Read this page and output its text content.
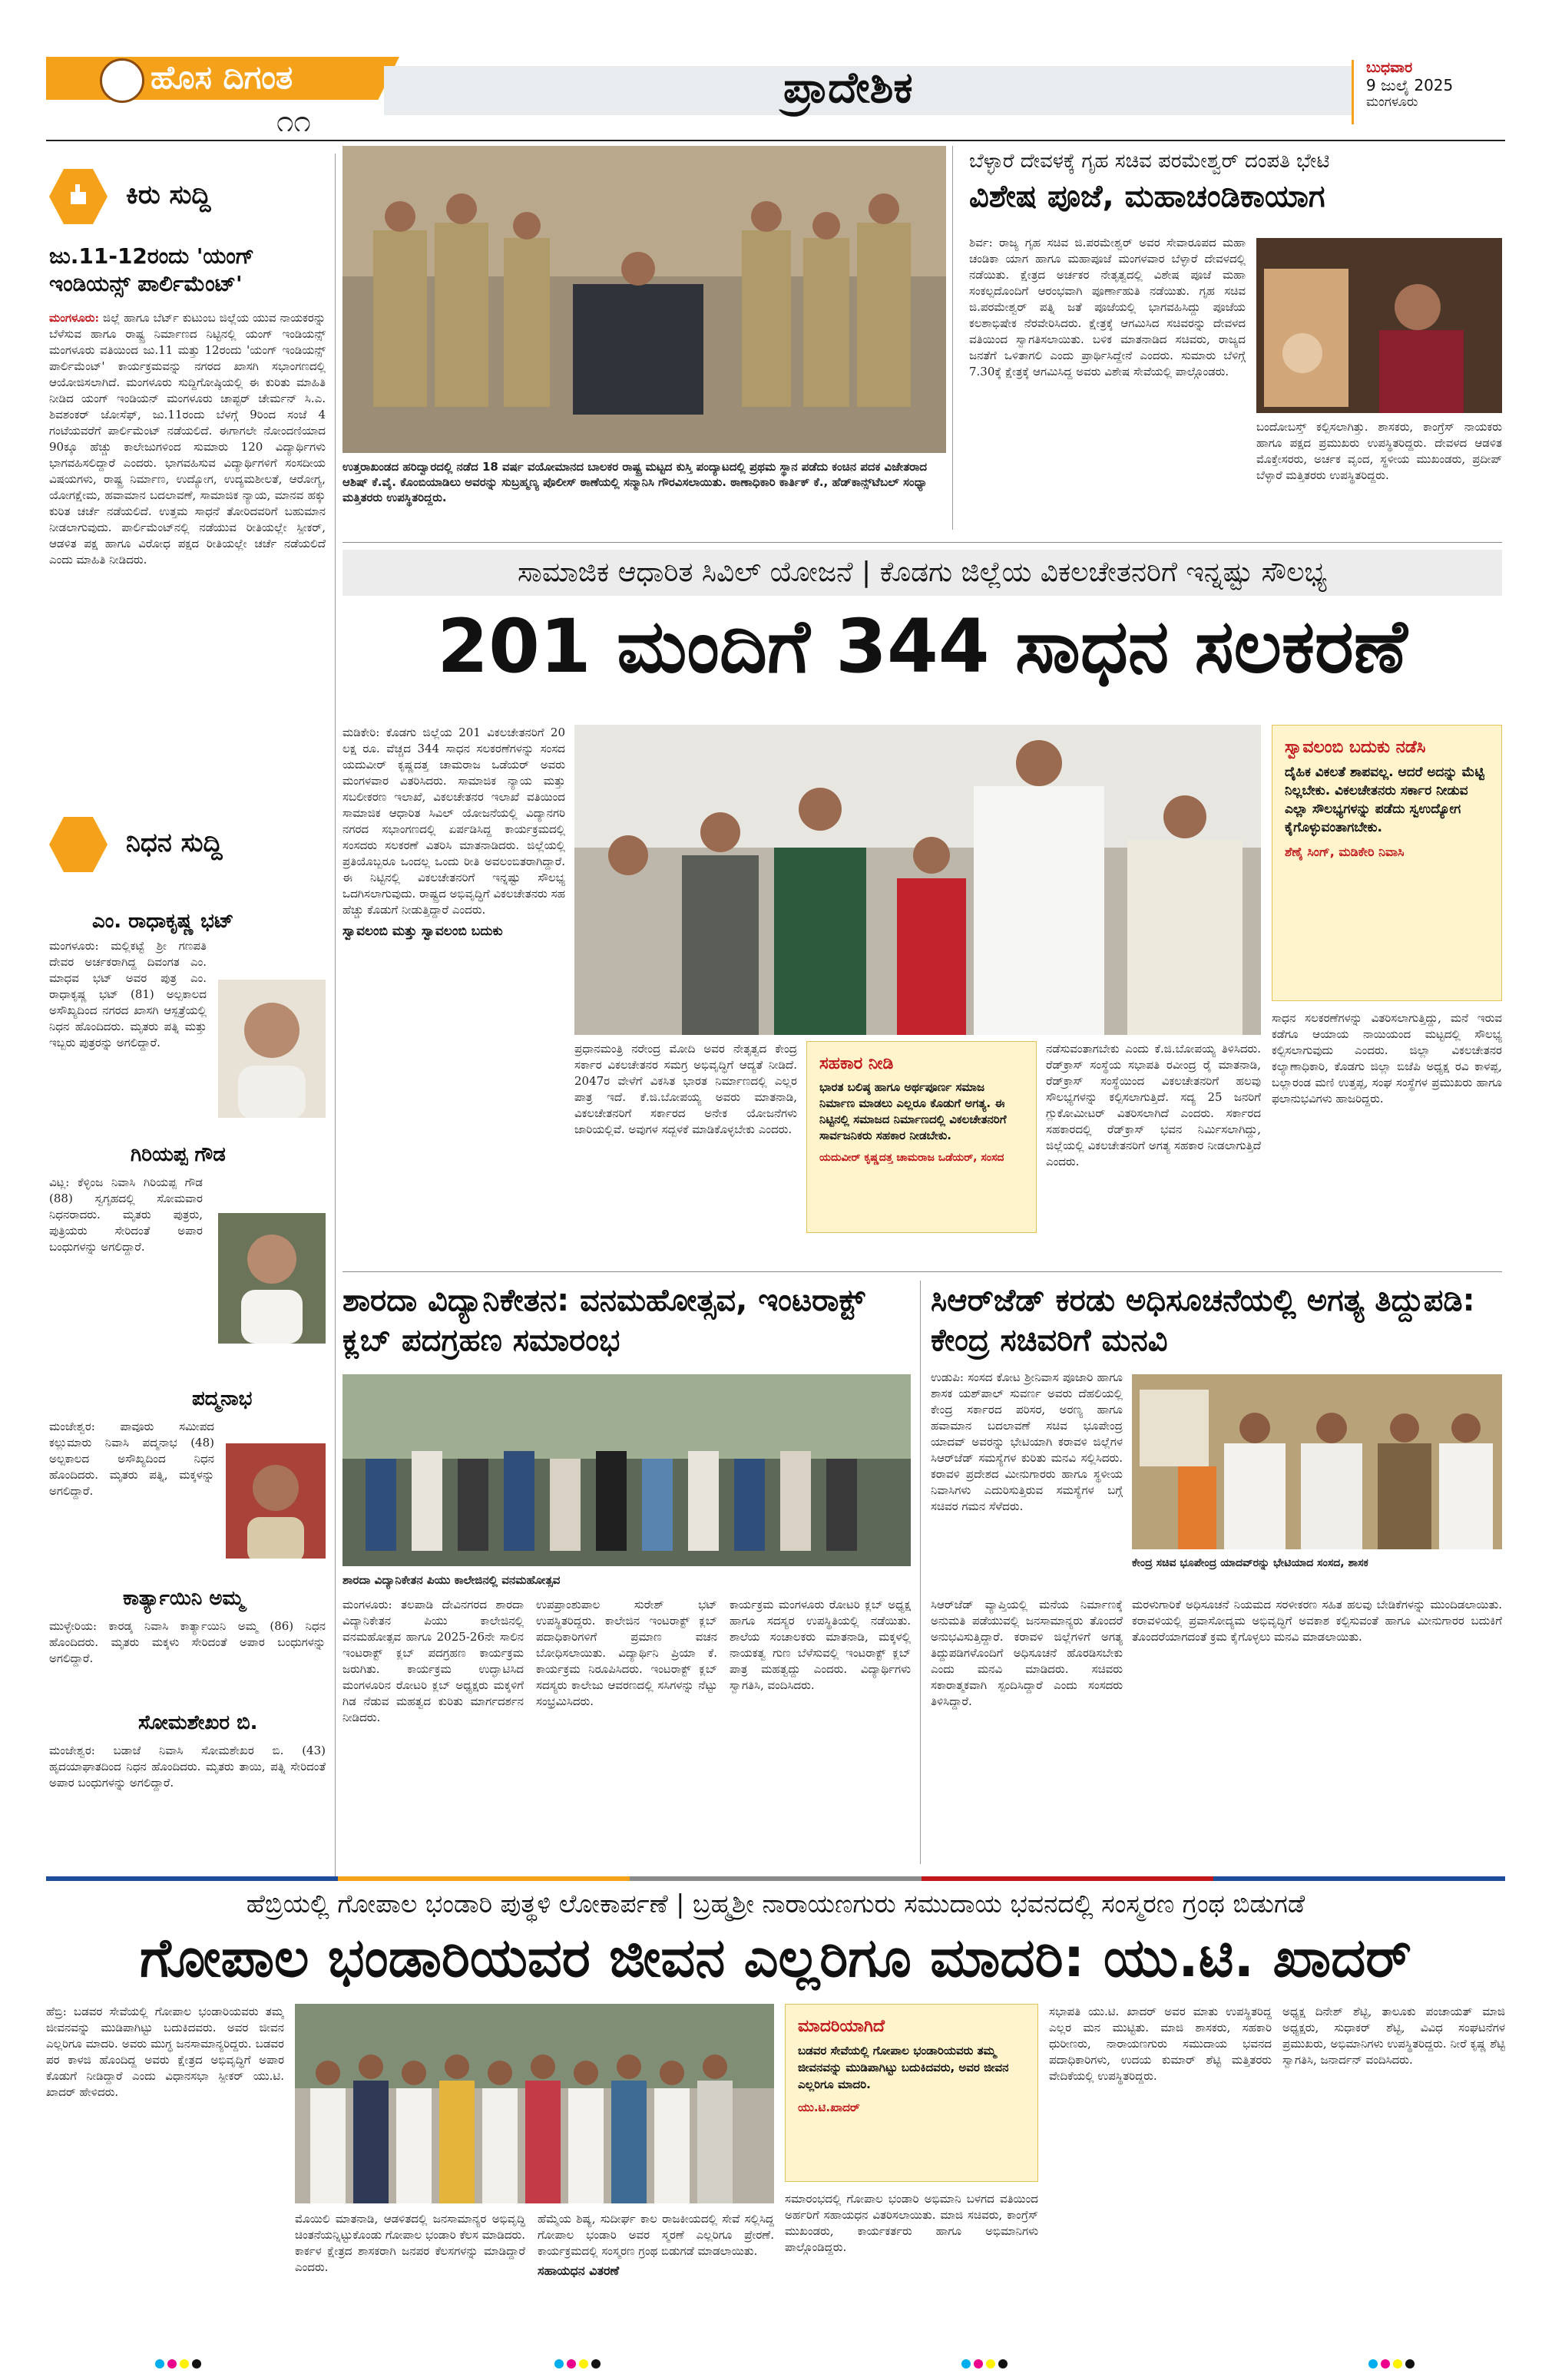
ಹೊಸ ದಿಗಂತ
೧೧
ಪ್ರಾದೇಶಿಕ	ಬುಧವಾರ
9 ಜುಲೈ 2025
ಮಂಗಳೂರು
ಕಿರು ಸುದ್ದಿ
ಜು.11-12ರಂದು 'ಯಂಗ್ ಇಂಡಿಯನ್ಸ್ ಪಾರ್ಲಿಮೆಂಟ್'
ಮಂಗಳೂರು: ಜಿಲ್ಲೆ ಹಾಗೂ ಬೆರ್ಟ್ ಕುಟುಂಬ ಜಿಲ್ಲೆಯ ಯುವ ನಾಯಕರನ್ನು ಬೆಳೆಸುವ ಹಾಗೂ ರಾಷ್ಟ್ರ ನಿರ್ಮಾಣದ ನಿಟ್ಟಿನಲ್ಲಿ ಯಂಗ್ ಇಂಡಿಯನ್ಸ್ ಮಂಗಳೂರು ವತಿಯಿಂದ ಜು.11 ಮತ್ತು 12ರಂದು 'ಯಂಗ್ ಇಂಡಿಯನ್ಸ್ ಪಾರ್ಲಿಮೆಂಟ್' ಕಾರ್ಯಕ್ರಮವನ್ನು ನಗರದ ಖಾಸಗಿ ಸಭಾಂಗಣದಲ್ಲಿ ಆಯೋಜಿಸಲಾಗಿದೆ. ಮಂಗಳೂರು ಸುದ್ದಿಗೋಷ್ಠಿಯಲ್ಲಿ ಈ ಕುರಿತು ಮಾಹಿತಿ ನೀಡಿದ ಯಂಗ್ ಇಂಡಿಯನ್ ಮಂಗಳೂರು ಚಾಪ್ಟರ್ ಚೇರ್ಮನ್ ಸಿ.ಎ. ಶಿವಶಂಕರ್ ಜೋಸೆಫ್, ಜು.11ರಂದು ಬೆಳಗ್ಗೆ 9ರಿಂದ ಸಂಜೆ 4 ಗಂಟೆಯವರೆಗೆ ಪಾರ್ಲಿಮೆಂಟ್ ನಡೆಯಲಿದೆ. ಈಗಾಗಲೇ ನೋಂದಣಿಯಾದ 90ಕ್ಕೂ ಹೆಚ್ಚು ಕಾಲೇಜುಗಳಿಂದ ಸುಮಾರು 120 ವಿದ್ಯಾರ್ಥಿಗಳು ಭಾಗವಹಿಸಲಿದ್ದಾರೆ ಎಂದರು. ಭಾಗವಹಿಸುವ ವಿದ್ಯಾರ್ಥಿಗಳಿಗೆ ಸಂಸದೀಯ ವಿಷಯಗಳು, ರಾಷ್ಟ್ರ ನಿರ್ಮಾಣ, ಉದ್ಯೋಗ, ಉದ್ಯಮಶೀಲತೆ, ಆರೋಗ್ಯ, ಯೋಗಕ್ಷೇಮ, ಹವಾಮಾನ ಬದಲಾವಣೆ, ಸಾಮಾಜಿಕ ನ್ಯಾಯ, ಮಾನವ ಹಕ್ಕು ಕುರಿತ ಚರ್ಚೆ ನಡೆಯಲಿದೆ. ಉತ್ತಮ ಸಾಧನೆ ತೋರಿದವರಿಗೆ ಬಹುಮಾನ ನೀಡಲಾಗುವುದು. ಪಾರ್ಲಿಮೆಂಟ್‌ನಲ್ಲಿ ನಡೆಯುವ ರೀತಿಯಲ್ಲೇ ಸ್ಪೀಕರ್, ಆಡಳಿತ ಪಕ್ಷ ಹಾಗೂ ವಿರೋಧ ಪಕ್ಷದ ರೀತಿಯಲ್ಲೇ ಚರ್ಚೆ ನಡೆಯಲಿದೆ ಎಂದು ಮಾಹಿತಿ ನೀಡಿದರು.
ನಿಧನ ಸುದ್ದಿ
ಎಂ. ರಾಧಾಕೃಷ್ಣ ಭಟ್
ಮಂಗಳೂರು: ಮಲ್ಲಿಕಟ್ಟೆ ಶ್ರೀ ಗಣಪತಿ ದೇವರ ಅರ್ಚಕರಾಗಿದ್ದ ದಿವಂಗತ ಎಂ. ಮಾಧವ ಭಟ್ ಅವರ ಪುತ್ರ ಎಂ. ರಾಧಾಕೃಷ್ಣ ಭಟ್ (81) ಅಲ್ಪಕಾಲದ ಅಸೌಖ್ಯದಿಂದ ನಗರದ ಖಾಸಗಿ ಆಸ್ಪತ್ರೆಯಲ್ಲಿ ನಿಧನ ಹೊಂದಿದರು. ಮೃತರು ಪತ್ನಿ ಮತ್ತು ಇಬ್ಬರು ಪುತ್ರರನ್ನು ಅಗಲಿದ್ದಾರೆ.
ಗಿರಿಯಪ್ಪ ಗೌಡ
ವಿಟ್ಲ: ಕೆಳ್ಳಿಂಜ ನಿವಾಸಿ ಗಿರಿಯಪ್ಪ ಗೌಡ (88) ಸ್ವಗೃಹದಲ್ಲಿ ಸೋಮವಾರ ನಿಧನರಾದರು. ಮೃತರು ಪುತ್ರರು, ಪುತ್ರಿಯರು ಸೇರಿದಂತೆ ಅಪಾರ ಬಂಧುಗಳನ್ನು ಅಗಲಿದ್ದಾರೆ.
ಪದ್ಮನಾಭ
ಮಂಜೇಶ್ವರ: ಪಾವೂರು ಸಮೀಪದ ಕಲ್ಲುಮಾರು ನಿವಾಸಿ ಪದ್ಮನಾಭ (48) ಅಲ್ಪಕಾಲದ ಅಸೌಖ್ಯದಿಂದ ನಿಧನ ಹೊಂದಿದರು. ಮೃತರು ಪತ್ನಿ, ಮಕ್ಕಳನ್ನು ಅಗಲಿದ್ದಾರೆ.
ಕಾರ್ತ್ಯಾಯಿನಿ ಅಮ್ಮ
ಮುಳ್ಳೇರಿಯ: ಕಾರಡ್ಕ ನಿವಾಸಿ ಕಾರ್ತ್ಯಾಯಿನಿ ಅಮ್ಮ (86) ನಿಧನ ಹೊಂದಿದರು. ಮೃತರು ಮಕ್ಕಳು ಸೇರಿದಂತೆ ಅಪಾರ ಬಂಧುಗಳನ್ನು ಅಗಲಿದ್ದಾರೆ.
ಸೋಮಶೇಖರ ಬಿ.
ಮಂಜೇಶ್ವರ: ಬಡಾಜೆ ನಿವಾಸಿ ಸೋಮಶೇಖರ ಬಿ. (43) ಹೃದಯಾಘಾತದಿಂದ ನಿಧನ ಹೊಂದಿದರು. ಮೃತರು ತಾಯಿ, ಪತ್ನಿ ಸೇರಿದಂತೆ ಅಪಾರ ಬಂಧುಗಳನ್ನು ಅಗಲಿದ್ದಾರೆ.
ಉತ್ತರಾಖಂಡದ ಹರಿದ್ವಾರದಲ್ಲಿ ನಡೆದ 18 ವರ್ಷ ವಯೋಮಾನದ ಬಾಲಕರ ರಾಷ್ಟ್ರ ಮಟ್ಟದ ಕುಸ್ತಿ ಪಂದ್ಯಾಟದಲ್ಲಿ ಪ್ರಥಮ ಸ್ಥಾನ ಪಡೆದು ಕಂಚಿನ ಪದಕ ವಿಜೇತರಾದ ಆಶಿಷ್ ಕೆ.ವೈ. ಕೊಂಬಿಯಾಡಿಲು ಅವರನ್ನು ಸುಬ್ರಹ್ಮಣ್ಯ ಪೊಲೀಸ್ ಠಾಣೆಯಲ್ಲಿ ಸನ್ಮಾನಿಸಿ ಗೌರವಿಸಲಾಯಿತು. ಠಾಣಾಧಿಕಾರಿ ಕಾರ್ತಿಕ್ ಕೆ., ಹೆಡ್‌ಕಾನ್ಸ್‌ಟೆಬಲ್ ಸಂಧ್ಯಾ ಮತ್ತಿತರರು ಉಪಸ್ಥಿತರಿದ್ದರು.
ಬೆಳ್ಳಾರೆ ದೇವಳಕ್ಕೆ ಗೃಹ ಸಚಿವ ಪರಮೇಶ್ವರ್ ದಂಪತಿ ಭೇಟಿ
ವಿಶೇಷ ಪೂಜೆ, ಮಹಾಚಂಡಿಕಾಯಾಗ
ಶಿರ್ವ: ರಾಜ್ಯ ಗೃಹ ಸಚಿವ ಜಿ.ಪರಮೇಶ್ವರ್ ಅವರ ಸೇವಾರೂಪದ ಮಹಾ ಚಂಡಿಕಾ ಯಾಗ ಹಾಗೂ ಮಹಾಪೂಜೆ ಮಂಗಳವಾರ ಬೆಳ್ಳಾರೆ ದೇವಳದಲ್ಲಿ ನಡೆಯಿತು. ಕ್ಷೇತ್ರದ ಅರ್ಚಕರ ನೇತೃತ್ವದಲ್ಲಿ ವಿಶೇಷ ಪೂಜೆ ಮಹಾ ಸಂಕಲ್ಪದೊಂದಿಗೆ ಆರಂಭವಾಗಿ ಪೂರ್ಣಾಹುತಿ ನಡೆಯಿತು. ಗೃಹ ಸಚಿವ ಜಿ.ಪರಮೇಶ್ವರ್ ಪತ್ನಿ ಜತೆ ಪೂಜೆಯಲ್ಲಿ ಭಾಗವಹಿಸಿದ್ದು ಪೂಜೆಯ ಕಲಶಾಭಿಷೇಕ ನೆರವೇರಿಸಿದರು. ಕ್ಷೇತ್ರಕ್ಕೆ ಆಗಮಿಸಿದ ಸಚಿವರನ್ನು ದೇವಳದ ವತಿಯಿಂದ ಸ್ವಾಗತಿಸಲಾಯಿತು. ಬಳಿಕ ಮಾತನಾಡಿದ ಸಚಿವರು, ರಾಜ್ಯದ ಜನತೆಗೆ ಒಳಿತಾಗಲಿ ಎಂದು ಪ್ರಾರ್ಥಿಸಿದ್ದೇನೆ ಎಂದರು. ಸುಮಾರು ಬೆಳಿಗ್ಗೆ 7.30ಕ್ಕೆ ಕ್ಷೇತ್ರಕ್ಕೆ ಆಗಮಿಸಿದ್ದ ಅವರು ವಿಶೇಷ ಸೇವೆಯಲ್ಲಿ ಪಾಲ್ಗೊಂಡರು.
ಬಂದೋಬಸ್ತ್ ಕಲ್ಪಿಸಲಾಗಿತ್ತು. ಶಾಸಕರು, ಕಾಂಗ್ರೆಸ್ ನಾಯಕರು ಹಾಗೂ ಪಕ್ಷದ ಪ್ರಮುಖರು ಉಪಸ್ಥಿತರಿದ್ದರು. ದೇವಳದ ಆಡಳಿತ ಮೊಕ್ತೇಸರರು, ಅರ್ಚಕ ವೃಂದ, ಸ್ಥಳೀಯ ಮುಖಂಡರು, ಪ್ರದೀಪ್ ಬೆಳ್ಳಾರೆ ಮತ್ತಿತರರು ಉಪಸ್ಥಿತರಿದ್ದರು.
ಸಾಮಾಜಿಕ ಆಧಾರಿತ ಸಿವಿಲ್ ಯೋಜನೆ | ಕೊಡಗು ಜಿಲ್ಲೆಯ ವಿಕಲಚೇತನರಿಗೆ ಇನ್ನಷ್ಟು ಸೌಲಭ್ಯ
201 ಮಂದಿಗೆ 344 ಸಾಧನ ಸಲಕರಣೆ
ಮಡಿಕೇರಿ: ಕೊಡಗು ಜಿಲ್ಲೆಯ 201 ವಿಕಲಚೇತನರಿಗೆ 20 ಲಕ್ಷ ರೂ. ವೆಚ್ಚದ 344 ಸಾಧನ ಸಲಕರಣೆಗಳನ್ನು ಸಂಸದ ಯದುವೀರ್ ಕೃಷ್ಣದತ್ತ ಚಾಮರಾಜ ಒಡೆಯರ್ ಅವರು ಮಂಗಳವಾರ ವಿತರಿಸಿದರು. ಸಾಮಾಜಿಕ ನ್ಯಾಯ ಮತ್ತು ಸಬಲೀಕರಣ ಇಲಾಖೆ, ವಿಕಲಚೇತನರ ಇಲಾಖೆ ವತಿಯಿಂದ ಸಾಮಾಜಿಕ ಆಧಾರಿತ ಸಿವಿಲ್ ಯೋಜನೆಯಲ್ಲಿ ವಿದ್ಯಾನಗರಿ ನಗರದ ಸಭಾಂಗಣದಲ್ಲಿ ಏರ್ಪಡಿಸಿದ್ದ ಕಾರ್ಯಕ್ರಮದಲ್ಲಿ ಸಂಸದರು ಸಲಕರಣೆ ವಿತರಿಸಿ ಮಾತನಾಡಿದರು. ಜಿಲ್ಲೆಯಲ್ಲಿ ಪ್ರತಿಯೊಬ್ಬರೂ ಒಂದಲ್ಲ ಒಂದು ರೀತಿ ಅವಲಂಬಿತರಾಗಿದ್ದಾರೆ. ಈ ನಿಟ್ಟಿನಲ್ಲಿ ವಿಕಲಚೇತನರಿಗೆ ಇನ್ನಷ್ಟು ಸೌಲಭ್ಯ ಒದಗಿಸಲಾಗುವುದು. ರಾಷ್ಟ್ರದ ಅಭಿವೃದ್ಧಿಗೆ ವಿಕಲಚೇತನರು ಸಹ ಹೆಚ್ಚು ಕೊಡುಗೆ ನೀಡುತ್ತಿದ್ದಾರೆ ಎಂದರು.
ಸ್ವಾವಲಂಬಿ ಮತ್ತು ಸ್ವಾವಲಂಬಿ ಬದುಕು
ಸ್ವಾವಲಂಬಿ ಬದುಕು ನಡೆಸಿ
ದೈಹಿಕ ವಿಕಲತೆ ಶಾಪವಲ್ಲ. ಆದರೆ ಅದನ್ನು ಮೆಟ್ಟಿ ನಿಲ್ಲಬೇಕು. ವಿಕಲಚೇತನರು ಸರ್ಕಾರ ನೀಡುವ ಎಲ್ಲಾ ಸೌಲಭ್ಯಗಳನ್ನು ಪಡೆದು ಸ್ವಉದ್ಯೋಗ ಕೈಗೊಳ್ಳುವಂತಾಗಬೇಕು.
ಶೆಣೈ ಸಿಂಗ್, ಮಡಿಕೇರಿ ನಿವಾಸಿ
ಪ್ರಧಾನಮಂತ್ರಿ ನರೇಂದ್ರ ಮೋದಿ ಅವರ ನೇತೃತ್ವದ ಕೇಂದ್ರ ಸರ್ಕಾರ ವಿಕಲಚೇತನರ ಸಮಗ್ರ ಅಭಿವೃದ್ಧಿಗೆ ಆದ್ಯತೆ ನೀಡಿದೆ. 2047ರ ವೇಳೆಗೆ ವಿಕಸಿತ ಭಾರತ ನಿರ್ಮಾಣದಲ್ಲಿ ಎಲ್ಲರ ಪಾತ್ರ ಇದೆ. ಕೆ.ಜಿ.ಬೋಪಯ್ಯ ಅವರು ಮಾತನಾಡಿ, ವಿಕಲಚೇತನರಿಗೆ ಸರ್ಕಾರದ ಅನೇಕ ಯೋಜನೆಗಳು ಜಾರಿಯಲ್ಲಿವೆ. ಅವುಗಳ ಸದ್ಬಳಕೆ ಮಾಡಿಕೊಳ್ಳಬೇಕು ಎಂದರು.
ಸಹಕಾರ ನೀಡಿ
ಭಾರತ ಬಲಿಷ್ಠ ಹಾಗೂ ಅರ್ಥಪೂರ್ಣ ಸಮಾಜ ನಿರ್ಮಾಣ ಮಾಡಲು ಎಲ್ಲರೂ ಕೊಡುಗೆ ಅಗತ್ಯ. ಈ ನಿಟ್ಟಿನಲ್ಲಿ ಸಮಾಜದ ನಿರ್ಮಾಣದಲ್ಲಿ ವಿಕಲಚೇತನರಿಗೆ ಸಾರ್ವಜನಿಕರು ಸಹಕಾರ ನೀಡಬೇಕು.
ಯದುವೀರ್ ಕೃಷ್ಣದತ್ತ ಚಾಮರಾಜ ಒಡೆಯರ್, ಸಂಸದ
ನಡೆಸುವಂತಾಗಬೇಕು ಎಂದು ಕೆ.ಜಿ.ಬೋಪಯ್ಯ ತಿಳಿಸಿದರು. ರೆಡ್‌ಕ್ರಾಸ್ ಸಂಸ್ಥೆಯ ಸಭಾಪತಿ ರವೀಂದ್ರ ರೈ ಮಾತನಾಡಿ, ರೆಡ್‌ಕ್ರಾಸ್ ಸಂಸ್ಥೆಯಿಂದ ವಿಕಲಚೇತನರಿಗೆ ಹಲವು ಸೌಲಭ್ಯಗಳನ್ನು ಕಲ್ಪಿಸಲಾಗುತ್ತಿದೆ. ಸದ್ಯ 25 ಜನರಿಗೆ ಗ್ಲುಕೋಮೀಟರ್ ವಿತರಿಸಲಾಗಿದೆ ಎಂದರು. ಸರ್ಕಾರದ ಸಹಕಾರದಲ್ಲಿ ರೆಡ್‌ಕ್ರಾಸ್ ಭವನ ನಿರ್ಮಿಸಲಾಗಿದ್ದು, ಜಿಲ್ಲೆಯಲ್ಲಿ ವಿಕಲಚೇತನರಿಗೆ ಅಗತ್ಯ ಸಹಕಾರ ನೀಡಲಾಗುತ್ತಿದೆ ಎಂದರು.
ಸಾಧನ ಸಲಕರಣೆಗಳನ್ನು ವಿತರಿಸಲಾಗುತ್ತಿದ್ದು, ಮನೆ ಇರುವ ಕಡೆಗೂ ಆಯಾಯ ನಾಯಿಯಂದ ಮಟ್ಟದಲ್ಲಿ ಸೌಲಭ್ಯ ಕಲ್ಪಿಸಲಾಗುವುದು ಎಂದರು. ಜಿಲ್ಲಾ ವಿಕಲಚೇತನರ ಕಲ್ಯಾಣಾಧಿಕಾರಿ, ಕೊಡಗು ಜಿಲ್ಲಾ ಬಿಜೆಪಿ ಅಧ್ಯಕ್ಷ ರವಿ ಕಾಳಪ್ಪ, ಬಲ್ಲಾರಂಡ ಮಣಿ ಉತ್ತಪ್ಪ, ಸಂಘ ಸಂಸ್ಥೆಗಳ ಪ್ರಮುಖರು ಹಾಗೂ ಫಲಾನುಭವಿಗಳು ಹಾಜರಿದ್ದರು.
ಶಾರದಾ ವಿದ್ಯಾನಿಕೇತನ: ವನಮಹೋತ್ಸವ, ಇಂಟರಾಕ್ಟ್ ಕ್ಲಬ್ ಪದಗ್ರಹಣ ಸಮಾರಂಭ
ಶಾರದಾ ವಿದ್ಯಾನಿಕೇತನ ಪಿಯು ಕಾಲೇಜಿನಲ್ಲಿ ವನಮಹೋತ್ಸವ
ಮಂಗಳೂರು: ತಲಪಾಡಿ ದೇವಿನಗರದ ಶಾರದಾ ವಿದ್ಯಾನಿಕೇತನ ಪಿಯು ಕಾಲೇಜಿನಲ್ಲಿ ವನಮಹೋತ್ಸವ ಹಾಗೂ 2025-26ನೇ ಸಾಲಿನ ಇಂಟರಾಕ್ಟ್ ಕ್ಲಬ್ ಪದಗ್ರಹಣ ಕಾರ್ಯಕ್ರಮ ಜರುಗಿತು. ಕಾರ್ಯಕ್ರಮ ಉದ್ಘಾಟಿಸಿದ ಮಂಗಳೂರಿನ ರೋಟರಿ ಕ್ಲಬ್ ಅಧ್ಯಕ್ಷರು ಮಕ್ಕಳಿಗೆ ಗಿಡ ನೆಡುವ ಮಹತ್ವದ ಕುರಿತು ಮಾರ್ಗದರ್ಶನ ನೀಡಿದರು.
ಉಪಪ್ರಾಂಶುಪಾಲ ಸುರೇಶ್ ಭಟ್ ಉಪಸ್ಥಿತರಿದ್ದರು. ಕಾಲೇಜಿನ ಇಂಟರಾಕ್ಟ್ ಕ್ಲಬ್ ಪದಾಧಿಕಾರಿಗಳಿಗೆ ಪ್ರಮಾಣ ವಚನ ಬೋಧಿಸಲಾಯಿತು. ವಿದ್ಯಾರ್ಥಿನಿ ಪ್ರಿಯಾ ಕೆ. ಕಾರ್ಯಕ್ರಮ ನಿರೂಪಿಸಿದರು. ಇಂಟರಾಕ್ಟ್ ಕ್ಲಬ್ ಸದಸ್ಯರು ಕಾಲೇಜು ಆವರಣದಲ್ಲಿ ಸಸಿಗಳನ್ನು ನೆಟ್ಟು ಸಂಭ್ರಮಿಸಿದರು.
ಕಾರ್ಯಕ್ರಮ ಮಂಗಳೂರು ರೋಟರಿ ಕ್ಲಬ್ ಅಧ್ಯಕ್ಷ ಹಾಗೂ ಸದಸ್ಯರ ಉಪಸ್ಥಿತಿಯಲ್ಲಿ ನಡೆಯಿತು. ಶಾಲೆಯ ಸಂಚಾಲಕರು ಮಾತನಾಡಿ, ಮಕ್ಕಳಲ್ಲಿ ನಾಯಕತ್ವ ಗುಣ ಬೆಳೆಸುವಲ್ಲಿ ಇಂಟರಾಕ್ಟ್ ಕ್ಲಬ್ ಪಾತ್ರ ಮಹತ್ವದ್ದು ಎಂದರು. ವಿದ್ಯಾರ್ಥಿಗಳು ಸ್ವಾಗತಿಸಿ, ವಂದಿಸಿದರು.
ಸಿಆರ್‌ಜೆಡ್ ಕರಡು ಅಧಿಸೂಚನೆಯಲ್ಲಿ ಅಗತ್ಯ ತಿದ್ದುಪಡಿ: ಕೇಂದ್ರ ಸಚಿವರಿಗೆ ಮನವಿ
ಉಡುಪಿ: ಸಂಸದ ಕೋಟ ಶ್ರೀನಿವಾಸ ಪೂಜಾರಿ ಹಾಗೂ ಶಾಸಕ ಯಶ್‌ಪಾಲ್ ಸುವರ್ಣ ಅವರು ದೆಹಲಿಯಲ್ಲಿ ಕೇಂದ್ರ ಸರ್ಕಾರದ ಪರಿಸರ, ಅರಣ್ಯ ಹಾಗೂ ಹವಾಮಾನ ಬದಲಾವಣೆ ಸಚಿವ ಭೂಪೇಂದ್ರ ಯಾದವ್ ಅವರನ್ನು ಭೇಟಿಯಾಗಿ ಕರಾವಳಿ ಜಿಲ್ಲೆಗಳ ಸಿಆರ್‌ಜೆಡ್ ಸಮಸ್ಯೆಗಳ ಕುರಿತು ಮನವಿ ಸಲ್ಲಿಸಿದರು. ಕರಾವಳಿ ಪ್ರದೇಶದ ಮೀನುಗಾರರು ಹಾಗೂ ಸ್ಥಳೀಯ ನಿವಾಸಿಗಳು ಎದುರಿಸುತ್ತಿರುವ ಸಮಸ್ಯೆಗಳ ಬಗ್ಗೆ ಸಚಿವರ ಗಮನ ಸೆಳೆದರು.
ಕೇಂದ್ರ ಸಚಿವ ಭೂಪೇಂದ್ರ ಯಾದವ್‌ರನ್ನು ಭೇಟಿಯಾದ ಸಂಸದ, ಶಾಸಕ
ಸಿಆರ್‌ಜೆಡ್ ವ್ಯಾಪ್ತಿಯಲ್ಲಿ ಮನೆಯ ನಿರ್ಮಾಣಕ್ಕೆ ಅನುಮತಿ ಪಡೆಯುವಲ್ಲಿ ಜನಸಾಮಾನ್ಯರು ತೊಂದರೆ ಅನುಭವಿಸುತ್ತಿದ್ದಾರೆ. ಕರಾವಳಿ ಜಿಲ್ಲೆಗಳಿಗೆ ಅಗತ್ಯ ತಿದ್ದುಪಡಿಗಳೊಂದಿಗೆ ಅಧಿಸೂಚನೆ ಹೊರಡಿಸಬೇಕು ಎಂದು ಮನವಿ ಮಾಡಿದರು. ಸಚಿವರು ಸಕಾರಾತ್ಮಕವಾಗಿ ಸ್ಪಂದಿಸಿದ್ದಾರೆ ಎಂದು ಸಂಸದರು ತಿಳಿಸಿದ್ದಾರೆ.
ಮರಳುಗಾರಿಕೆ ಅಧಿಸೂಚನೆ ನಿಯಮದ ಸರಳೀಕರಣ ಸಹಿತ ಹಲವು ಬೇಡಿಕೆಗಳನ್ನು ಮುಂದಿಡಲಾಯಿತು. ಕರಾವಳಿಯಲ್ಲಿ ಪ್ರವಾಸೋದ್ಯಮ ಅಭಿವೃದ್ಧಿಗೆ ಅವಕಾಶ ಕಲ್ಪಿಸುವಂತೆ ಹಾಗೂ ಮೀನುಗಾರರ ಬದುಕಿಗೆ ತೊಂದರೆಯಾಗದಂತೆ ಕ್ರಮ ಕೈಗೊಳ್ಳಲು ಮನವಿ ಮಾಡಲಾಯಿತು.
ಹೆಬ್ರಿಯಲ್ಲಿ ಗೋಪಾಲ ಭಂಡಾರಿ ಪುತ್ಥಳಿ ಲೋಕಾರ್ಪಣೆ | ಬ್ರಹ್ಮಶ್ರೀ ನಾರಾಯಣಗುರು ಸಮುದಾಯ ಭವನದಲ್ಲಿ ಸಂಸ್ಮರಣ ಗ್ರಂಥ ಬಿಡುಗಡೆ
ಗೋಪಾಲ ಭಂಡಾರಿಯವರ ಜೀವನ ಎಲ್ಲರಿಗೂ ಮಾದರಿ: ಯು.ಟಿ. ಖಾದರ್
ಹೆಬ್ರಿ: ಬಡವರ ಸೇವೆಯಲ್ಲಿ ಗೋಪಾಲ ಭಂಡಾರಿಯವರು ತಮ್ಮ ಜೀವನವನ್ನು ಮುಡಿಪಾಗಿಟ್ಟು ಬದುಕಿದವರು. ಅವರ ಜೀವನ ಎಲ್ಲರಿಗೂ ಮಾದರಿ. ಅವರು ಮುಗ್ಧ ಜನಸಾಮಾನ್ಯರಿದ್ದರು. ಬಡವರ ಪರ ಕಾಳಜಿ ಹೊಂದಿದ್ದ ಅವರು ಕ್ಷೇತ್ರದ ಅಭಿವೃದ್ಧಿಗೆ ಅಪಾರ ಕೊಡುಗೆ ನೀಡಿದ್ದಾರೆ ಎಂದು ವಿಧಾನಸಭಾ ಸ್ಪೀಕರ್ ಯು.ಟಿ. ಖಾದರ್ ಹೇಳಿದರು.
ಮೊಯಿಲಿ ಮಾತನಾಡಿ, ಆಡಳಿತದಲ್ಲಿ ಜನಸಾಮಾನ್ಯರ ಅಭಿವೃದ್ಧಿ ಚಿಂತನೆಯನ್ನಿಟ್ಟುಕೊಂಡು ಗೋಪಾಲ ಭಂಡಾರಿ ಕೆಲಸ ಮಾಡಿದರು. ಕಾರ್ಕಳ ಕ್ಷೇತ್ರದ ಶಾಸಕರಾಗಿ ಜನಪರ ಕೆಲಸಗಳನ್ನು ಮಾಡಿದ್ದಾರೆ ಎಂದರು.
ಹೆಮ್ಮೆಯ ಶಿಷ್ಯ, ಸುದೀರ್ಘ ಕಾಲ ರಾಜಕೀಯದಲ್ಲಿ ಸೇವೆ ಸಲ್ಲಿಸಿದ್ದ ಗೋಪಾಲ ಭಂಡಾರಿ ಅವರ ಸ್ಮರಣೆ ಎಲ್ಲರಿಗೂ ಪ್ರೇರಣೆ. ಕಾರ್ಯಕ್ರಮದಲ್ಲಿ ಸಂಸ್ಮರಣ ಗ್ರಂಥ ಬಿಡುಗಡೆ ಮಾಡಲಾಯಿತು.
ಸಹಾಯಧನ ವಿತರಣೆ
ಮಾದರಿಯಾಗಿದೆ
ಬಡವರ ಸೇವೆಯಲ್ಲಿ ಗೋಪಾಲ ಭಂಡಾರಿಯವರು ತಮ್ಮ ಜೀವನವನ್ನು ಮುಡಿಪಾಗಿಟ್ಟು ಬದುಕಿದವರು, ಅವರ ಜೀವನ ಎಲ್ಲರಿಗೂ ಮಾದರಿ.
ಯು.ಟಿ.ಖಾದರ್
ಸಮಾರಂಭದಲ್ಲಿ ಗೋಪಾಲ ಭಂಡಾರಿ ಅಭಿಮಾನಿ ಬಳಗದ ವತಿಯಿಂದ ಅರ್ಹರಿಗೆ ಸಹಾಯಧನ ವಿತರಿಸಲಾಯಿತು. ಮಾಜಿ ಸಚಿವರು, ಕಾಂಗ್ರೆಸ್ ಮುಖಂಡರು, ಕಾರ್ಯಕರ್ತರು ಹಾಗೂ ಅಭಿಮಾನಿಗಳು ಪಾಲ್ಗೊಂಡಿದ್ದರು.
ಸಭಾಪತಿ ಯು.ಟಿ. ಖಾದರ್ ಅವರ ಮಾತು ಉಪಸ್ಥಿತರಿದ್ದ ಎಲ್ಲರ ಮನ ಮುಟ್ಟಿತು. ಮಾಜಿ ಶಾಸಕರು, ಸಹಕಾರಿ ಧುರೀಣರು, ನಾರಾಯಣಗುರು ಸಮುದಾಯ ಭವನದ ಪದಾಧಿಕಾರಿಗಳು, ಉದಯ ಕುಮಾರ್ ಶೆಟ್ಟಿ ಮತ್ತಿತರರು ವೇದಿಕೆಯಲ್ಲಿ ಉಪಸ್ಥಿತರಿದ್ದರು.
ಅಧ್ಯಕ್ಷ ದಿನೇಶ್ ಶೆಟ್ಟಿ, ತಾಲೂಕು ಪಂಚಾಯತ್ ಮಾಜಿ ಅಧ್ಯಕ್ಷರು, ಸುಧಾಕರ್ ಶೆಟ್ಟಿ, ವಿವಿಧ ಸಂಘಟನೆಗಳ ಪ್ರಮುಖರು, ಅಭಿಮಾನಿಗಳು ಉಪಸ್ಥಿತರಿದ್ದರು. ನೀರೆ ಕೃಷ್ಣ ಶೆಟ್ಟಿ ಸ್ವಾಗತಿಸಿ, ಜನಾರ್ದನ್ ವಂದಿಸಿದರು.
